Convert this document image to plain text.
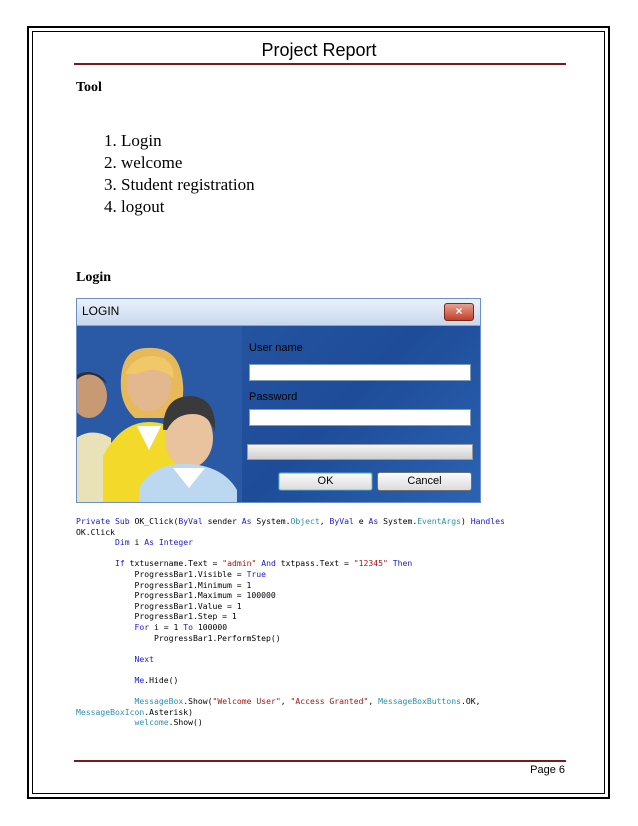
Project Report
Tool
1. Login
2. welcome
3. Student registration
4. logout
Login
LOGIN	×
User name
Password
OK	Cancel
Private Sub OK_Click(ByVal sender As System.Object, ByVal e As System.EventArgs) Handles
OK.Click
Dim i As Integer

If txtusername.Text = "admin" And txtpass.Text = "12345" Then
ProgressBar1.Visible = True
ProgressBar1.Minimum = 1
ProgressBar1.Maximum = 100000
ProgressBar1.Value = 1
ProgressBar1.Step = 1
For i = 1 To 100000
ProgressBar1.PerformStep()

Next

Me.Hide()

MessageBox.Show("Welcome User", "Access Granted", MessageBoxButtons.OK,
MessageBoxIcon.Asterisk)
welcome.Show()
Page 6
